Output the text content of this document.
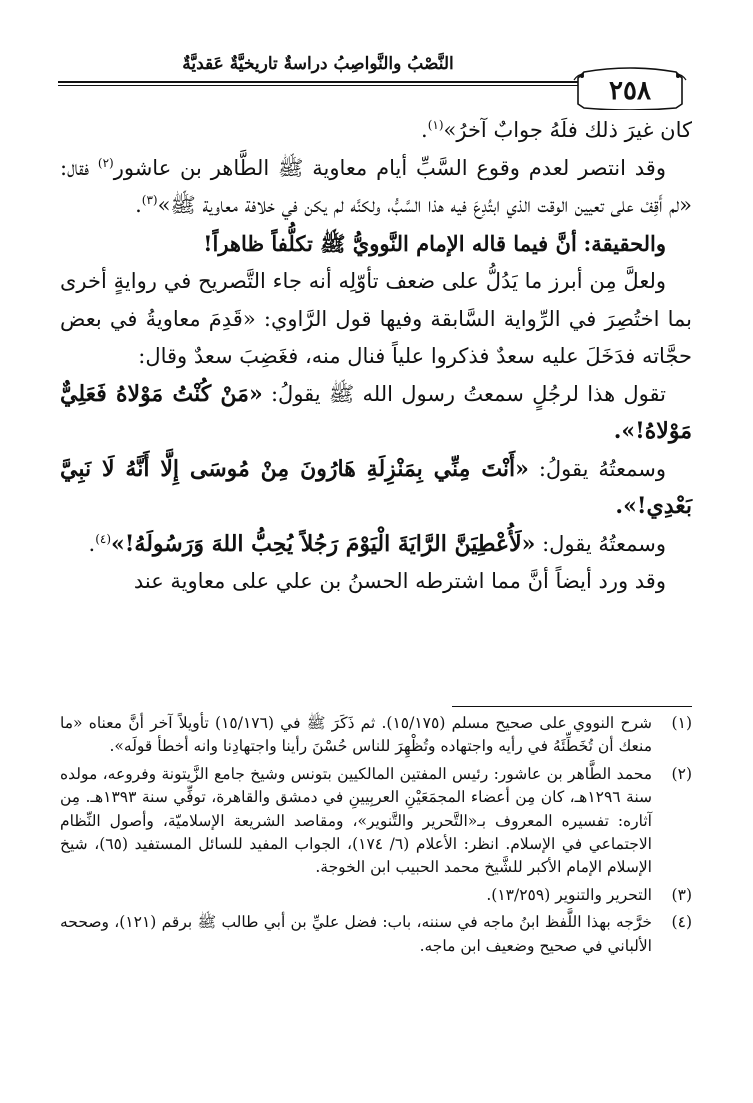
النَّصْبُ والنَّواصِبُ دراسةٌ تاريخيَّةٌ عَقديَّةٌ
٢٥٨

كان غيرَ ذلك فلَهُ جوابٌ آخرُ»$^{(١)}$.

وقد انتصر لعدم وقوع السَّبِّ أيام معاوية ﷺ الطَّاهر بن عاشور$^{(٢)}$ فقال: «لم أَقِفْ على تعيين الوقت الذي ابتُدِعَ فيه هذا السَّبُّ، ولكنَّه لم يكن في خلافة معاوية ﷺ»$^{(٣)}$.

والحقيقة: أنَّ فيما قاله الإمام النَّوويُّ ﷺ تكلُّفاً ظاهراً!

ولعلَّ مِن أبرز ما يَدُلُّ على ضعف تأوّلِه أنه جاء التَّصريح في روايةٍ أخرى بما اختُصِرَ في الرِّواية السَّابقة وفيها قول الرَّاوي: «قَدِمَ معاويةُ في بعض حجَّاته فدَخَلَ عليه سعدٌ فذكروا علياً فنال منه، فغَضِبَ سعدٌ وقال:

تقول هذا لرجُلٍ سمعتُ رسول الله ﷺ يقولُ: «مَنْ كُنْتُ مَوْلاهُ فَعَلِيٌّ مَوْلاهُ!».

وسمعتُهُ يقولُ: «أَنْتَ مِنِّي بِمَنْزِلَةِ هَارُونَ مِنْ مُوسَى إِلَّا أَنَّهُ لَا نَبِيَّ بَعْدِي!».

وسمعتُهُ يقول: «لَأُعْطِيَنَّ الرَّايَةَ الْيَوْمَ رَجُلاً يُحِبُّ اللهَ وَرَسُولَهُ!»$^{(٤)}$.

وقد ورد أيضاً أنَّ مما اشترطه الحسنُ بن علي على معاوية عند

(١)
شرح النووي على صحيح مسلم (١٥/١٧٥). ثم ذَكَرَ ﷺ في (١٥/١٧٦) تأويلاً آخر أنَّ معناه «ما منعك أن تُخَطِّئَهُ في رأيه واجتهاده وتُظْهِرَ للناس حُسْنَ رأينا واجتهادِنا وانه أخطأ قولَه».
(٢)
محمد الطَّاهر بن عاشور: رئيس المفتين المالكيين بتونس وشيخ جامع الزَّيتونة وفروعه، مولده سنة ١٢٩٦هـ، كان مِن أعضاء المجمَعَيْنِ العربِيينِ في دمشق والقاهرة، توفِّي سنة ١٣٩٣هـ. مِن آثاره: تفسيره المعروف بـ«التَّحرير والتَّنوير»، ومقاصد الشريعة الإسلاميّة، وأصول النِّظام الاجتماعي في الإسلام. انظر: الأعلام (٦/ ١٧٤)، الجواب المفيد للسائل المستفيد (٦٥)، شيخ الإسلام الإمام الأكبر للشَّيخ محمد الحبيب ابن الخوجة.
(٣)
التحرير والتنوير (١٣/٢٥٩).
(٤)
خرَّجه بهذا اللَّفظ ابنُ ماجه في سننه، باب: فضل عليِّ بن أبي طالب ﷺ برقم (١٢١)، وصححه الألباني في صحيح وضعيف ابن ماجه.
